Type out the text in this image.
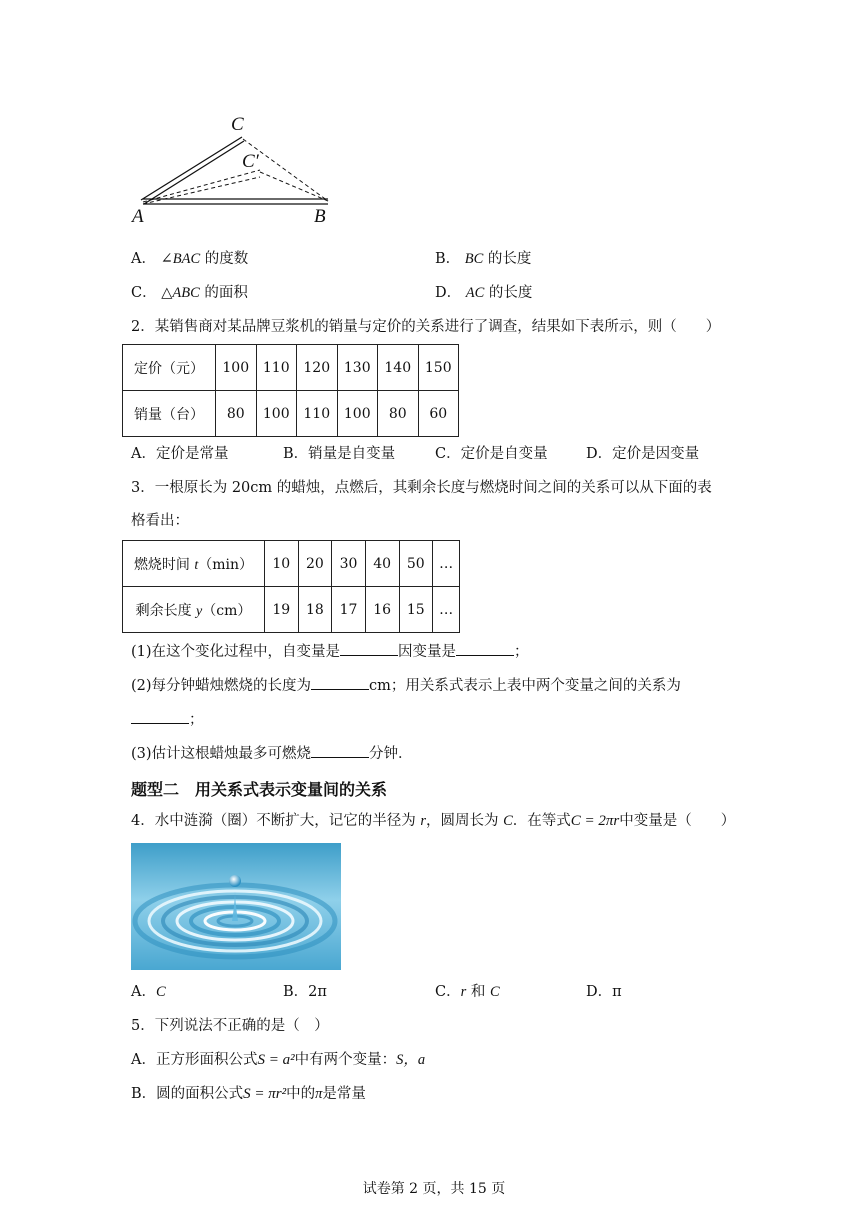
C
C′
A	B
A． ∠BAC 的度数	B． BC 的长度
C． △ABC 的面积	D． AC 的长度
2．某销售商对某品牌豆浆机的销量与定价的关系进行了调查，结果如下表所示，则（　　）
定价（元）	100	110	120	130	140	150
销量（台）	80	100	110	100	80	60
A．定价是常量	B．销量是自变量	C．定价是自变量	D．定价是因变量
3．一根原长为 20cm 的蜡烛，点燃后，其剩余长度与燃烧时间之间的关系可以从下面的表
格看出：
燃烧时间 t（min）	10	20	30	40	50	…
剩余长度 y（cm）	19	18	17	16	15	…
(1)在这个变化过程中，自变量是	因变量是	；
(2)每分钟蜡烛燃烧的长度为	cm；用关系式表示上表中两个变量之间的关系为
；
(3)估计这根蜡烛最多可燃烧	分钟．
题型二　用关系式表示变量间的关系
4．水中涟漪（圈）不断扩大，记它的半径为 r，圆周长为 C．在等式C = 2πr中变量是（　　）
A．C	B．2π	C．r 和 C	D．π
5．下列说法不正确的是（　）
A．正方形面积公式S = a²中有两个变量：S，a
B．圆的面积公式S = πr²中的π是常量
试卷第 2 页，共 15 页
